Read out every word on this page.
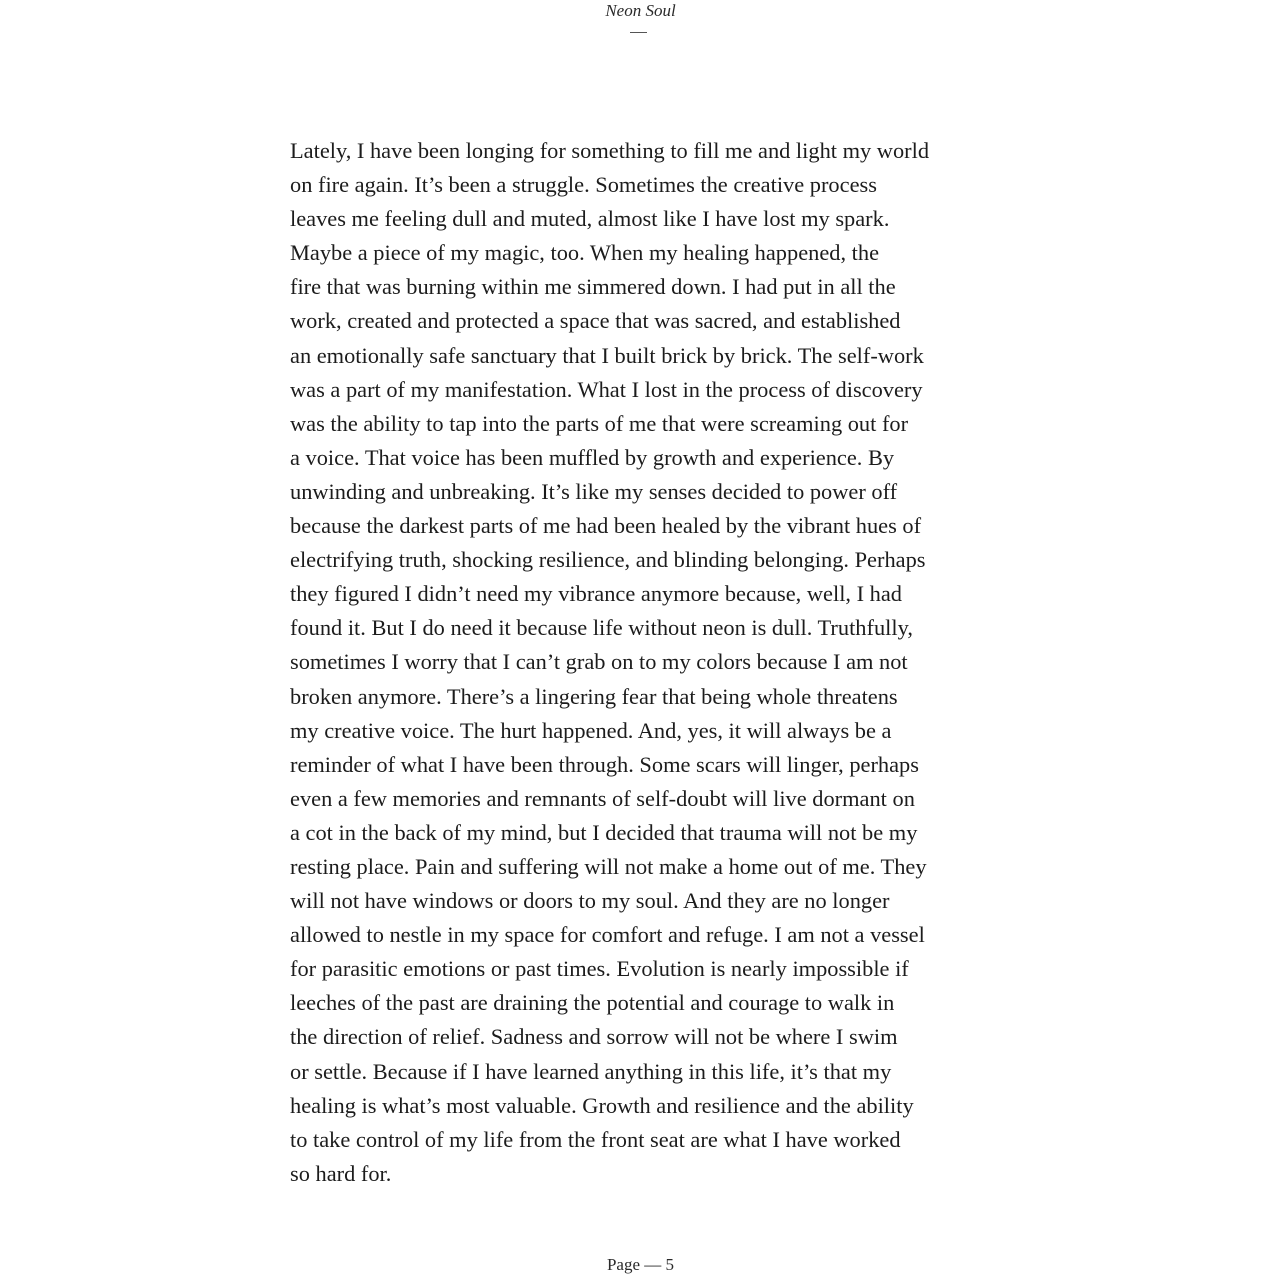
Neon Soul
Lately, I have been longing for something to fill me and light my world
on fire again. It’s been a struggle. Sometimes the creative process
leaves me feeling dull and muted, almost like I have lost my spark.
Maybe a piece of my magic, too. When my healing happened, the
fire that was burning within me simmered down. I had put in all the
work, created and protected a space that was sacred, and established
an emotionally safe sanctuary that I built brick by brick. The self-work
was a part of my manifestation. What I lost in the process of discovery
was the ability to tap into the parts of me that were screaming out for
a voice. That voice has been muffled by growth and experience. By
unwinding and unbreaking. It’s like my senses decided to power off
because the darkest parts of me had been healed by the vibrant hues of
electrifying truth, shocking resilience, and blinding belonging. Perhaps
they figured I didn’t need my vibrance anymore because, well, I had
found it. But I do need it because life without neon is dull. Truthfully,
sometimes I worry that I can’t grab on to my colors because I am not
broken anymore. There’s a lingering fear that being whole threatens
my creative voice. The hurt happened. And, yes, it will always be a
reminder of what I have been through. Some scars will linger, perhaps
even a few memories and remnants of self-doubt will live dormant on
a cot in the back of my mind, but I decided that trauma will not be my
resting place. Pain and suffering will not make a home out of me. They
will not have windows or doors to my soul. And they are no longer
allowed to nestle in my space for comfort and refuge. I am not a vessel
for parasitic emotions or past times. Evolution is nearly impossible if
leeches of the past are draining the potential and courage to walk in
the direction of relief. Sadness and sorrow will not be where I swim
or settle. Because if I have learned anything in this life, it’s that my
healing is what’s most valuable. Growth and resilience and the ability
to take control of my life from the front seat are what I have worked
so hard for.
Page — 5
